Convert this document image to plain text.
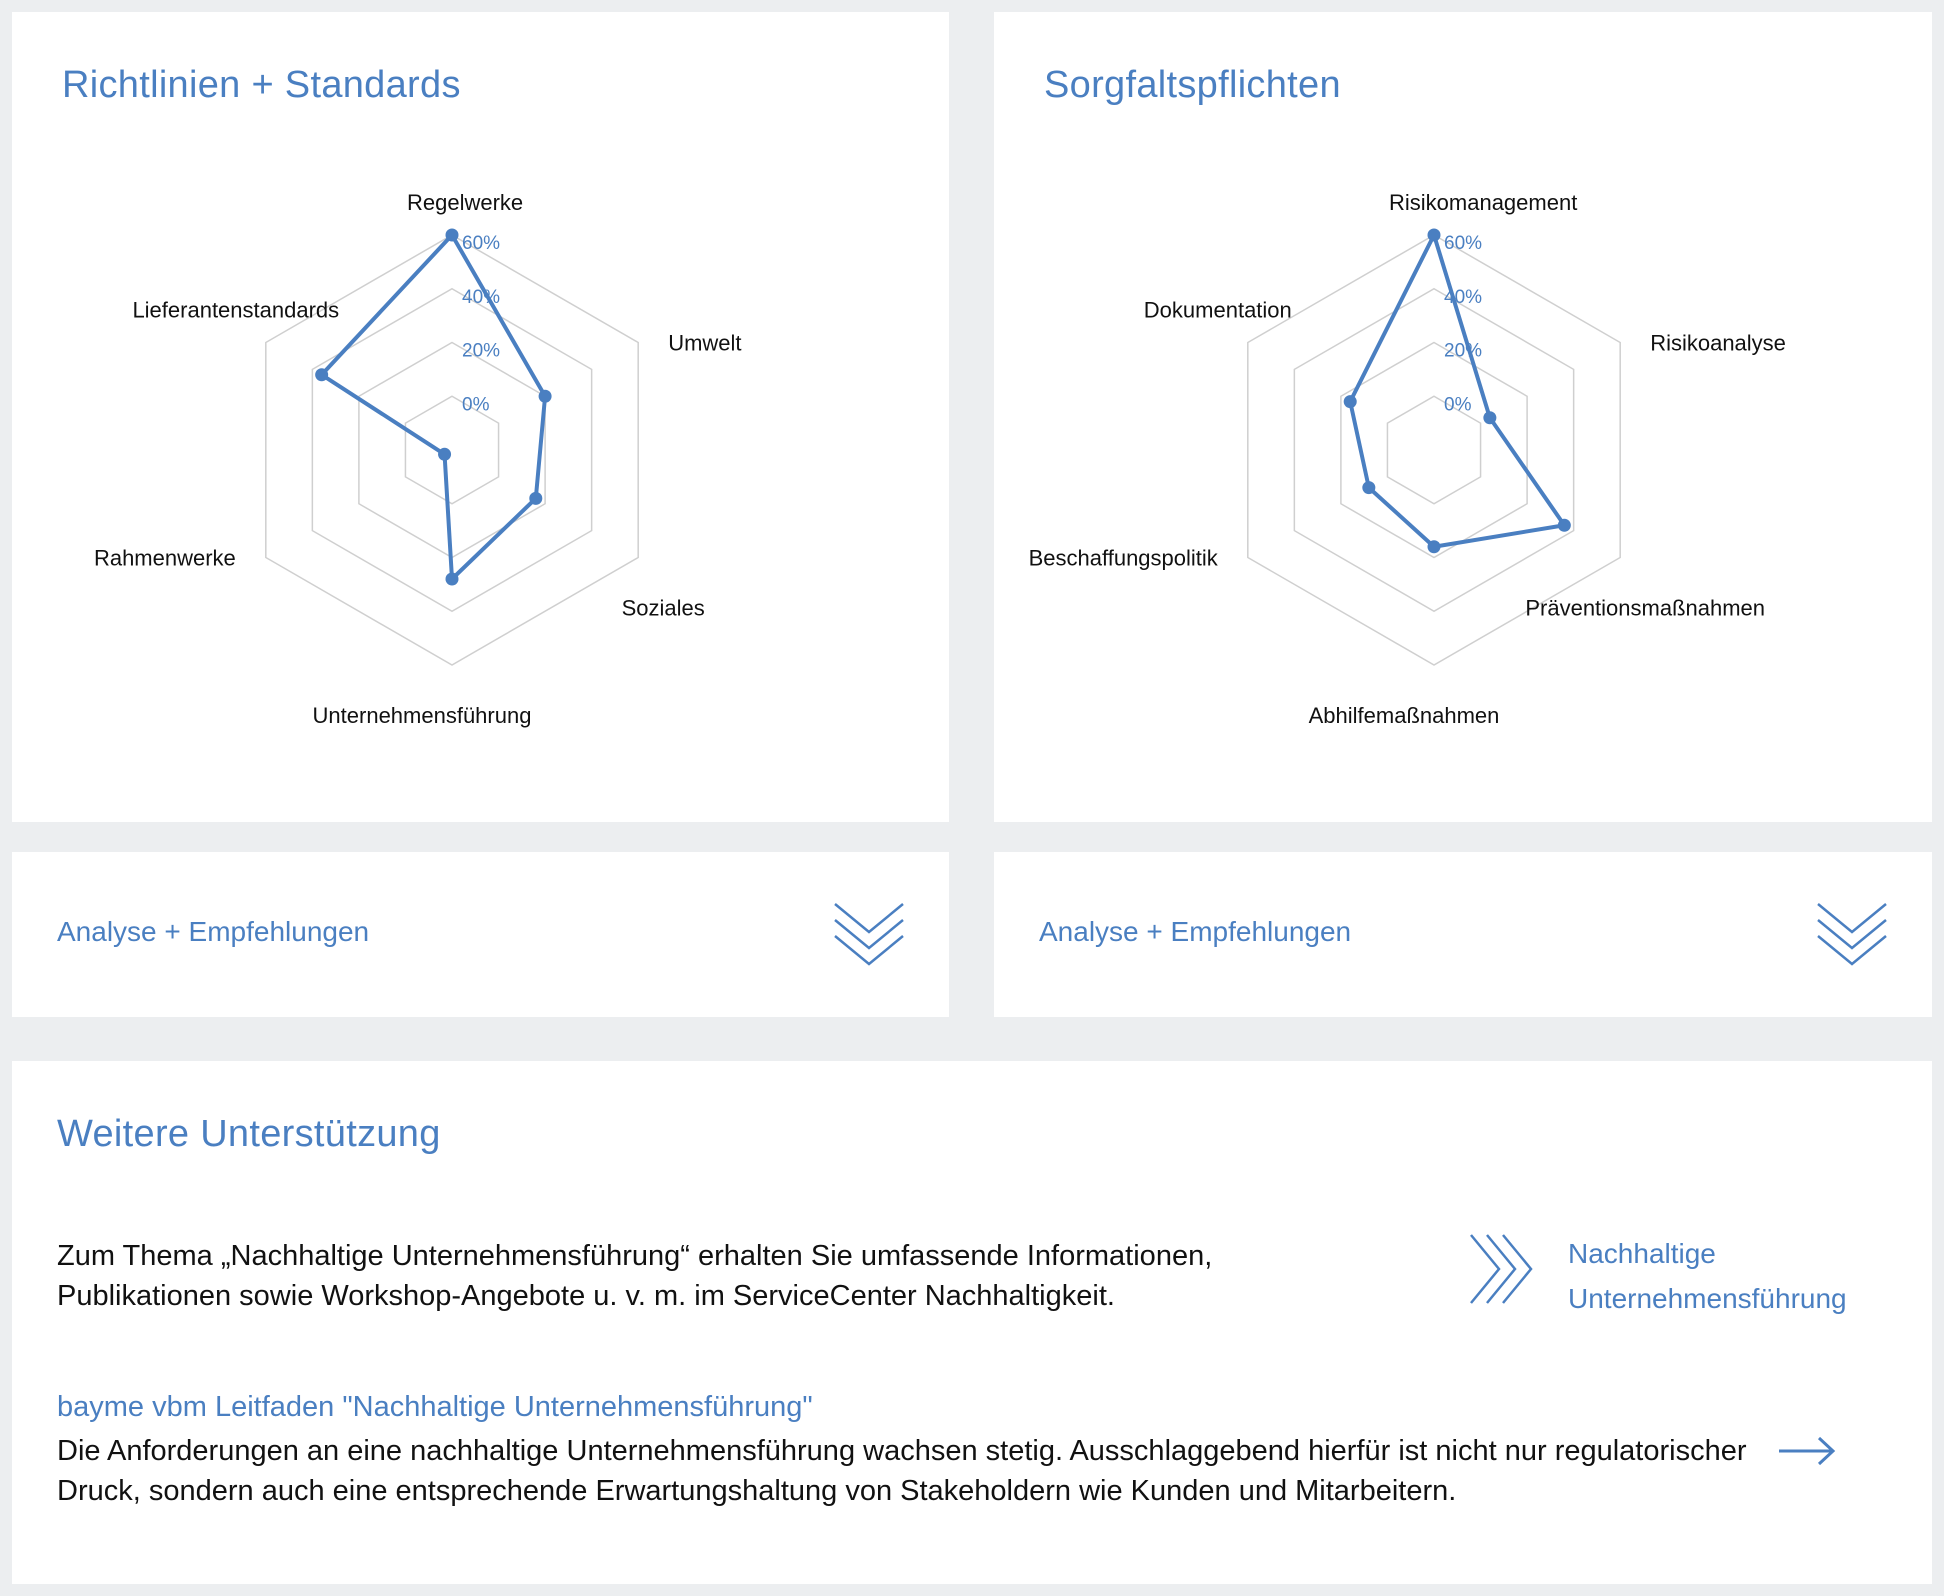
Richtlinien + Standards
0%
20%
40%
60%
Regelwerke
Umwelt
Soziales
Unternehmensführung
Rahmenwerke
Lieferantenstandards
Sorgfaltspflichten
0%
20%
40%
60%
Risikomanagement
Risikoanalyse
Präventionsmaßnahmen
Abhilfemaßnahmen
Beschaffungspolitik
Dokumentation
Analyse + Empfehlungen	Analyse + Empfehlungen
Weitere Unterstützung

Zum Thema „Nachhaltige Unternehmensführung“ erhalten Sie umfassende Informationen, Publikationen sowie Workshop-Angebote u. v. m. im ServiceCenter Nachhaltigkeit.

Nachhaltige
Unternehmensführung
bayme vbm Leitfaden "Nachhaltige Unternehmensführung"

Die Anforderungen an eine nachhaltige Unternehmensführung wachsen stetig. Ausschlaggebend hierfür ist nicht nur regulatorischer Druck, sondern auch eine entsprechende Erwartungshaltung von Stakeholdern wie Kunden und Mitarbeitern.
